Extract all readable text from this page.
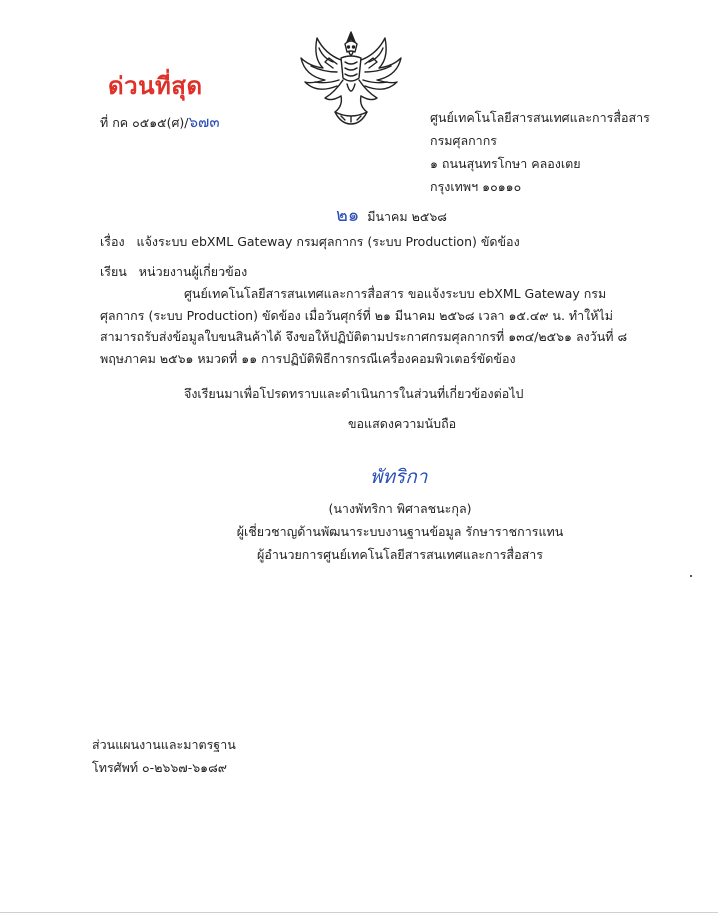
ด่วนที่สุด
ที่ กค ๐๕๑๕(ศ)/๖๗๓	ศูนย์เทคโนโลยีสารสนเทศและการสื่อสาร
กรมศุลกากร
๑ ถนนสุนทรโกษา คลองเตย
กรุงเทพฯ ๑๐๑๑๐
๒๑ มีนาคม ๒๕๖๘
เรื่อง แจ้งระบบ ebXML Gateway กรมศุลกากร (ระบบ Production) ขัดข้อง
เรียน หน่วยงานผู้เกี่ยวข้อง

ศูนย์เทคโนโลยีสารสนเทศและการสื่อสาร ขอแจ้งระบบ ebXML Gateway กรมศุลกากร (ระบบ Production) ขัดข้อง เมื่อวันศุกร์ที่ ๒๑ มีนาคม ๒๕๖๘ เวลา ๑๕.๔๙ น. ทำให้ไม่สามารถรับส่งข้อมูลใบขนสินค้าได้ จึงขอให้ปฏิบัติตามประกาศกรมศุลกากรที่ ๑๓๔/๒๕๖๑ ลงวันที่ ๘ พฤษภาคม ๒๕๖๑ หมวดที่ ๑๑ การปฏิบัติพิธีการกรณีเครื่องคอมพิวเตอร์ขัดข้อง

จึงเรียนมาเพื่อโปรดทราบและดำเนินการในส่วนที่เกี่ยวข้องต่อไป
ขอแสดงความนับถือ
พัทริกา
(นางพัทริกา พิศาลชนะกุล)
ผู้เชี่ยวชาญด้านพัฒนาระบบงานฐานข้อมูล รักษาราชการแทน
ผู้อำนวยการศูนย์เทคโนโลยีสารสนเทศและการสื่อสาร
ส่วนแผนงานและมาตรฐาน
โทรศัพท์ ๐-๒๖๖๗-๖๑๘๙
